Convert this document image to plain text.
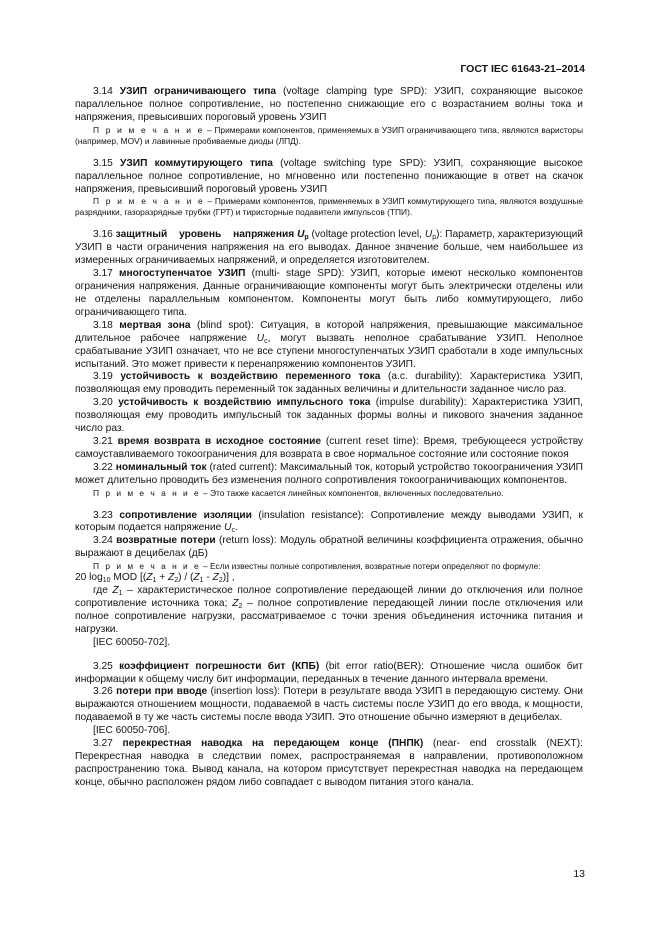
ГОСТ IEC 61643-21–2014

3.14 УЗИП ограничивающего типа (voltage clamping type SPD): УЗИП, сохраняющие высокое параллельное полное сопротивление, но постепенно снижающие его с возрастанием волны тока и напряжения, превысивших пороговый уровень УЗИП

П р и м е ч а н и е – Примерами компонентов, применяемых в УЗИП ограничивающего типа, являются варисторы (например, MOV) и лавинные пробиваемые диоды (ЛПД).

3.15 УЗИП коммутирующего типа (voltage switching type SPD): УЗИП, сохраняющие высокое параллельное полное сопротивление, но мгновенно или постепенно понижающие в ответ на скачок напряжения, превысивший пороговый уровень УЗИП

П р и м е ч а н и е – Примерами компонентов, применяемых в УЗИП коммутирующего типа, являются воздушные разрядники, газоразрядные трубки (ГРТ) и тиристорные подавители импульсов (ТПИ).

3.16 защитный уровень напряжения $U_p$ (voltage protection level, $U_p$): Параметр, характеризующий УЗИП в части ограничения напряжения на его выводах. Данное значение больше, чем наибольшее из измеренных ограничиваемых напряжений, и определяется изготовителем.

3.17 многоступенчатое УЗИП (multi- stage SPD): УЗИП, которые имеют несколько компонентов ограничения напряжения. Данные ограничивающие компоненты могут быть электрически отделены или не отделены параллельным компонентом. Компоненты могут быть либо коммутирующего, либо ограничивающего типа.

3.18 мертвая зона (blind spot): Ситуация, в которой напряжения, превышающие максимальное длительное рабочее напряжение $U_c$, могут вызвать неполное срабатывание УЗИП. Неполное срабатывание УЗИП означает, что не все ступени многоступенчатых УЗИП сработали в ходе импульсных испытаний. Это может привести к перенапряжению компонентов УЗИП.

3.19 устойчивость к воздействию переменного тока (a.c. durability): Характеристика УЗИП, позволяющая ему проводить переменный ток заданных величины и длительности заданное число раз.

3.20 устойчивость к воздействию импульсного тока (impulse durability): Характеристика УЗИП, позволяющая ему проводить импульсный ток заданных формы волны и пикового значения заданное число раз.

3.21 время возврата в исходное состояние (current reset time): Время, требующееся устройству самоуставливаемого токоограничения для возврата в свое нормальное состояние или состояние покоя

3.22 номинальный ток (rated current): Максимальный ток, который устройство токоограничения УЗИП может длительно проводить без изменения полного сопротивления токоограничивающих компонентов.

П р и м е ч а н и е – Это также касается линейных компонентов, включенных последовательно.

3.23 сопротивление изоляции (insulation resistance): Сопротивление между выводами УЗИП, к которым подается напряжение $U_c$.

3.24 возвратные потери (return loss): Модуль обратной величины коэффициента отражения, обычно выражают в децибелах (дБ)

П р и м е ч а н и е – Если известны полные сопротивления, возвратные потери определяют по формуле:

20 $\log_{10}$ MOD $[(Z_1 + Z_2) / (Z_1 - Z_2)]$ ,

где $Z_1$ – характеристическое полное сопротивление передающей линии до отключения или полное сопротивление источника тока; $Z_2$ – полное сопротивление передающей линии после отключения или полное сопротивление нагрузки, рассматриваемое с точки зрения объединения источника питания и нагрузки.

[IEC 60050-702].

3.25 коэффициент погрешности бит (КПБ) (bit error ratio(BER): Отношение числа ошибок бит информации к общему числу бит информации, переданных в течение данного интервала времени.

3.26 потери при вводе (insertion loss): Потери в результате ввода УЗИП в передающую систему. Они выражаются отношением мощности, подаваемой в часть системы после УЗИП до его ввода, к мощности, подаваемой в ту же часть системы после ввода УЗИП. Это отношение обычно измеряют в децибелах.

[IEC 60050-706].

3.27 перекрестная наводка на передающем конце (ПНПК) (near- end crosstalk (NEXT): Перекрестная наводка в следствии помех, распространяемая в направлении, противоположном распространению тока. Вывод канала, на котором присутствует перекрестная наводка на передающем конце, обычно расположен рядом либо совпадает с выводом питания этого канала.

13
